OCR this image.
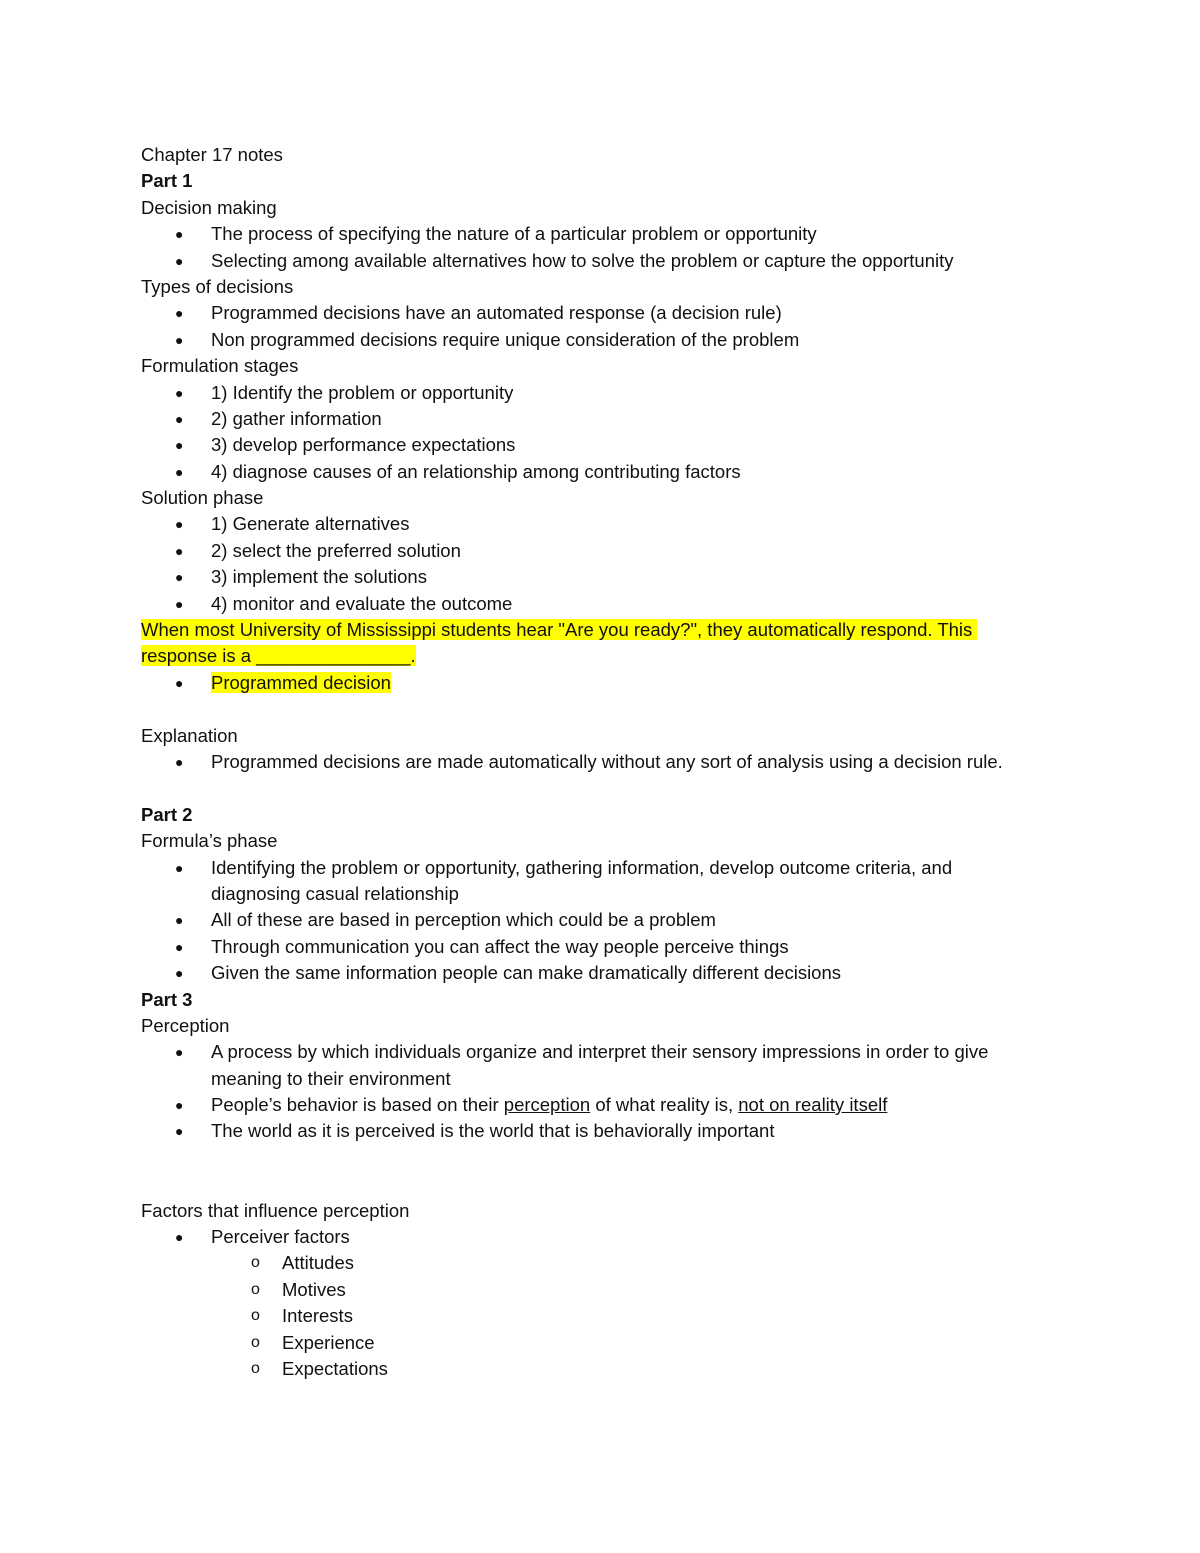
Chapter 17 notes
Part 1
Decision making
● The process of specifying the nature of a particular problem or opportunity
● Selecting among available alternatives how to solve the problem or capture the opportunity
Types of decisions
● Programmed decisions have an automated response (a decision rule)
● Non programmed decisions require unique consideration of the problem
Formulation stages
● 1) Identify the problem or opportunity
● 2) gather information
● 3) develop performance expectations
● 4) diagnose causes of an relationship among contributing factors
Solution phase
● 1) Generate alternatives
● 2) select the preferred solution
● 3) implement the solutions
● 4) monitor and evaluate the outcome
When most University of Mississippi students hear "Are you ready?", they automatically respond. This
response is a _______________.
● Programmed decision
Explanation
● Programmed decisions are made automatically without any sort of analysis using a decision rule.
Part 2
Formula’s phase
● Identifying the problem or opportunity, gathering information, develop outcome criteria, and
diagnosing casual relationship
● All of these are based in perception which could be a problem
● Through communication you can affect the way people perceive things
● Given the same information people can make dramatically different decisions
Part 3
Perception
● A process by which individuals organize and interpret their sensory impressions in order to give
meaning to their environment
● People’s behavior is based on their perception of what reality is, not on reality itself
● The world as it is perceived is the world that is behaviorally important
Factors that influence perception
● Perceiver factors
o Attitudes
o Motives
o Interests
o Experience
o Expectations
